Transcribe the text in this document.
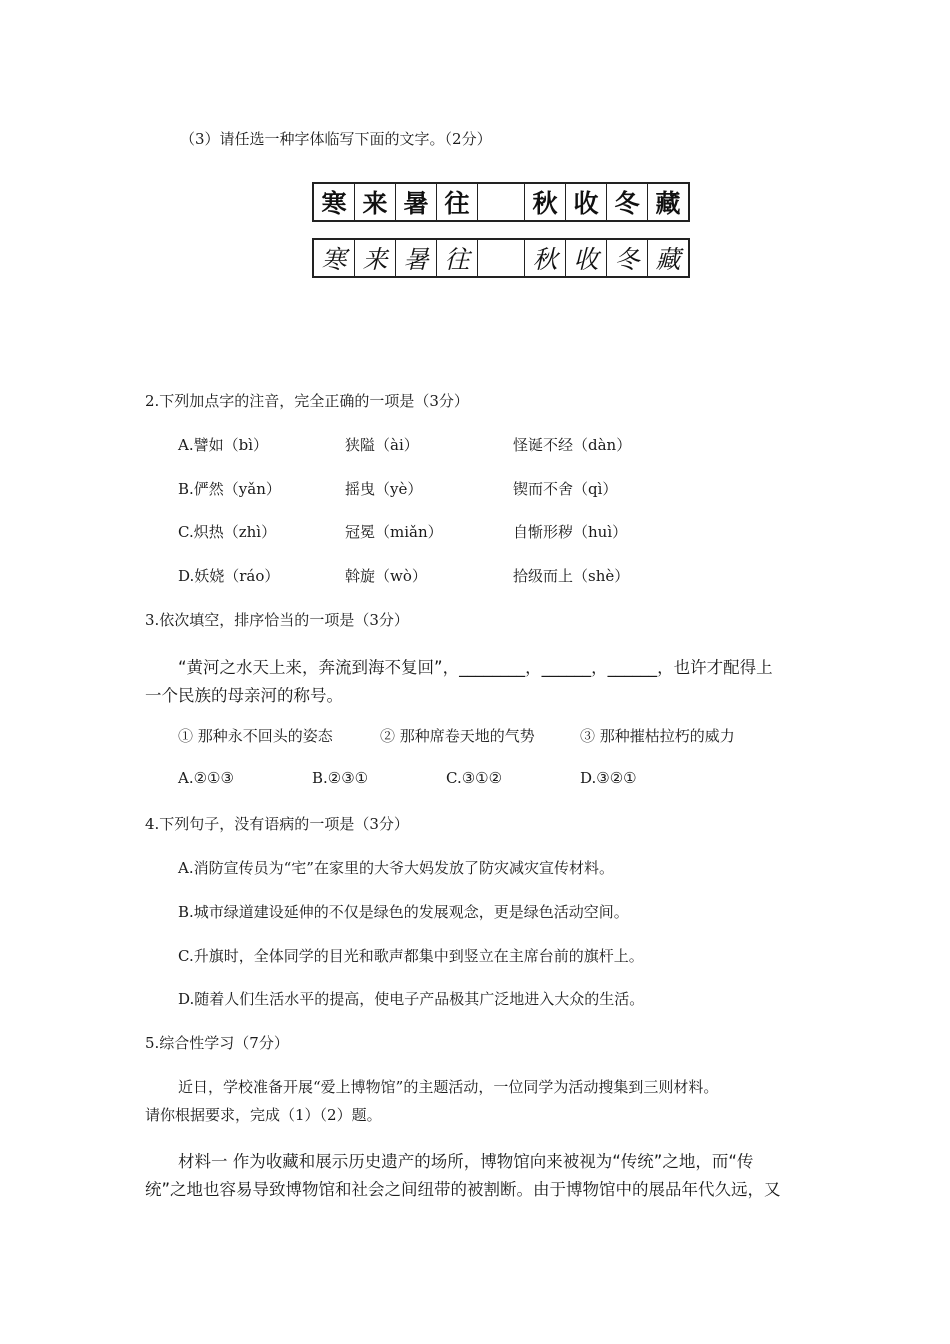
（3）请任选一种字体临写下面的文字。（2分）
寒 来 暑 往	秋 收 冬 藏
寒 来 暑 往	秋 收 冬 藏
2.下列加点字的注音，完全正确的一项是（3分）
A.譬如（bì）	狭隘（ài）	怪诞不经（dàn）
B.俨然（yǎn）	摇曳（yè）	锲而不舍（qì）
C.炽热（zhì）	冠冕（miǎn）	自惭形秽（huì）
D.妖娆（ráo）	斡旋（wò）	拾级而上（shè）
3.依次填空，排序恰当的一项是（3分）
“黄河之水天上来，奔流到海不复回”，________，______，______，也许才配得上
一个民族的母亲河的称号。
① 那种永不回头的姿态	② 那种席卷天地的气势	③ 那种摧枯拉朽的威力
A.②①③	B.②③①	C.③①②	D.③②①
4.下列句子，没有语病的一项是（3分）
A.消防宣传员为“宅”在家里的大爷大妈发放了防灾减灾宣传材料。
B.城市绿道建设延伸的不仅是绿色的发展观念，更是绿色活动空间。
C.升旗时，全体同学的目光和歌声都集中到竖立在主席台前的旗杆上。
D.随着人们生活水平的提高，使电子产品极其广泛地进入大众的生活。
5.综合性学习（7分）
近日，学校准备开展“爱上博物馆”的主题活动，一位同学为活动搜集到三则材料。
请你根据要求，完成（1）（2）题。
材料一 作为收藏和展示历史遗产的场所，博物馆向来被视为“传统”之地，而“传
统”之地也容易导致博物馆和社会之间纽带的被割断。由于博物馆中的展品年代久远，又
